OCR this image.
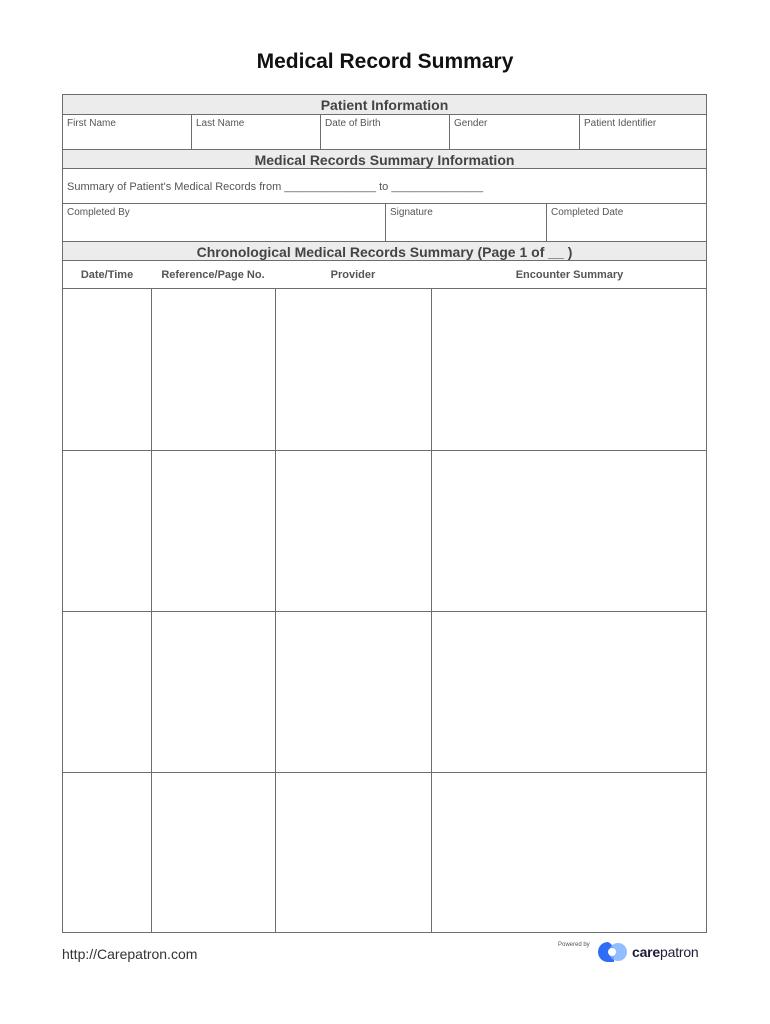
Medical Record Summary
Patient Information
First Name	Last Name	Date of Birth	Gender	Patient Identifier
Medical Records Summary Information
Summary of Patient's Medical Records from _______________ to _______________
Completed By	Signature	Completed Date
Chronological Medical Records Summary (Page 1 of __ )
Date/Time	Reference/Page No.	Provider	Encounter Summary
http://Carepatron.com
Powered by	carepatron
